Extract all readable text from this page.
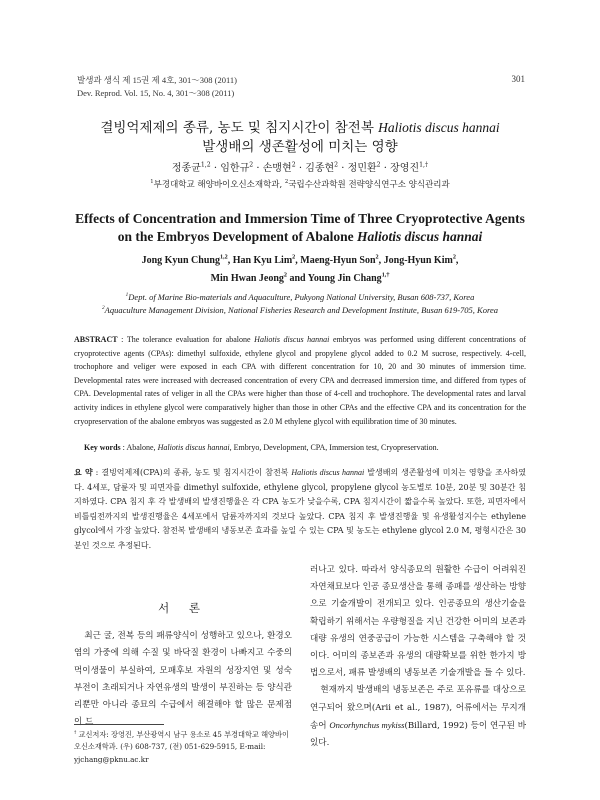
발생과 생식 제 15권 제 4호, 301～308 (2011)
Dev. Reprod. Vol. 15, No. 4, 301～308 (2011)
301
결빙억제제의 종류, 농도 및 침지시간이 참전복 Haliotis discus hannai
발생배의 생존활성에 미치는 영향
정종균$^{1,2}$ · 임한규$^2$ · 손맹현$^2$ · 김종현$^2$ · 정민환$^2$ · 장영진$^{1,\dagger}$
$^1$부경대학교 해양바이오신소재학과, $^2$국립수산과학원 전략양식연구소 양식관리과
Effects of Concentration and Immersion Time of Three Cryoprotective Agents
on the Embryos Development of Abalone Haliotis discus hannai
Jong Kyun Chung$^{1,2}$, Han Kyu Lim$^2$, Maeng-Hyun Son$^2$, Jong-Hyun Kim$^2$,
Min Hwan Jeong$^2$ and Young Jin Chang$^{1,\dagger}$
$^1$Dept. of Marine Bio-materials and Aquaculture, Pukyong National University, Busan 608-737, Korea
$^2$Aquaculture Management Division, National Fisheries Research and Development Institute, Busan 619-705, Korea
ABSTRACT : The tolerance evaluation for abalone Haliotis discus hannai embryos was performed using different concentrations of cryoprotective agents (CPAs): dimethyl sulfoxide, ethylene glycol and propylene glycol added to 0.2 M sucrose, respectively. 4-cell, trochophore and veliger were exposed in each CPA with different concentration for 10, 20 and 30 minutes of immersion time. Developmental rates were increased with decreased concentration of every CPA and decreased immersion time, and differed from types of CPA. Developmental rates of veliger in all the CPAs were higher than those of 4-cell and trochophore. The developmental rates and larval activity indices in ethylene glycol were comparatively higher than those in other CPAs and the effective CPA and its concentration for the cryopreservation of the abalone embryos was suggested as 2.0 M ethylene glycol with equilibration time of 30 minutes.
Key words : Abalone, Haliotis discus hannai, Embryo, Development, CPA, Immersion test, Cryopreservation.
요 약 : 결빙억제제(CPA)의 종류, 농도 및 침지시간이 참전복 Haliotis discus hannai 발생배의 생존활성에 미치는 영향을 조사하였다. 4세포, 담륜자 및 피면자를 dimethyl sulfoxide, ethylene glycol, propylene glycol 농도별로 10분, 20분 및 30분간 침지하였다. CPA 침지 후 각 발생배의 발생진행율은 각 CPA 농도가 낮을수록, CPA 침지시간이 짧을수록 높았다. 또한, 피면자에서 비틀림전까지의 발생진행율은 4세포에서 담륜자까지의 것보다 높았다. CPA 침지 후 발생진행율 및 유생활성지수는 ethylene glycol에서 가장 높았다. 참전복 발생배의 냉동보존 효과를 높일 수 있는 CPA 및 농도는 ethylene glycol 2.0 M, 평형시간은 30분인 것으로 추정된다.
서 론

최근 굴, 전복 등의 패류양식이 성행하고 있으나, 환경오염의 가중에 의해 수질 및 바닥질 환경이 나빠지고 수중의 먹이생물이 부실하여, 모패후보 자원의 성장지연 및 성숙부전이 초래되거나 자연유생의 발생이 부진하는 등 양식관리뿐만 아니라 종묘의 수급에서 해결해야 할 많은 문제점이 드

† 교신저자: 장영진, 부산광역시 남구 용소로 45 부경대학교 해양바이오신소재학과. (우) 608-737, (전) 051-629-5915, E-mail: yjchang@pknu.ac.kr

러나고 있다. 따라서 양식종묘의 원활한 수급이 어려워진 자연채묘보다 인공 종묘생산을 통해 종패를 생산하는 방향으로 기술개발이 전개되고 있다. 인공종묘의 생산기술을 확립하기 위해서는 우량형질을 지닌 건강한 어미의 보존과 대량 유생의 연중공급이 가능한 시스템을 구축해야 할 것이다. 어미의 종보존과 유생의 대량확보를 위한 한가지 방법으로서, 패류 발생배의 냉동보존 기술개발을 들 수 있다.

현재까지 발생배의 냉동보존은 주로 포유류를 대상으로 연구되어 왔으며(Arii et al., 1987), 어류에서는 무지개송어 Oncorhynchus mykiss(Billard, 1992) 등이 연구된 바 있다.
